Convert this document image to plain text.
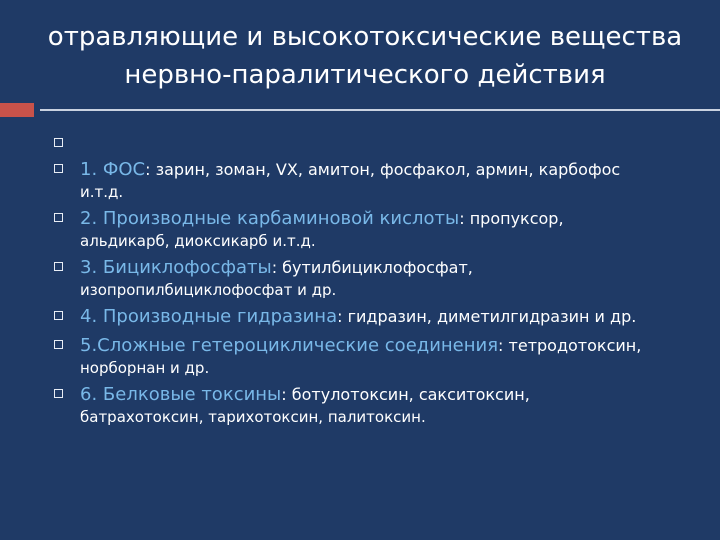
отравляющие и высокотоксические вещества
нервно-паралитического действия
1. ФОС: зарин, зоман, VX, амитон, фосфакол, армин, карбофос
и.т.д.
2. Производные карбаминовой кислоты: пропуксор,
альдикарб, диоксикарб и.т.д.
3. Бициклофосфаты: бутилбициклофосфат,
изопропилбициклофосфат и др.
4. Производные гидразина: гидразин, диметилгидразин и др.
5.Сложные гетероциклические соединения: тетродотоксин,
норборнан и др.
6. Белковые токсины: ботулотоксин, сакситоксин,
батрахотоксин, тарихотоксин, палитоксин.
